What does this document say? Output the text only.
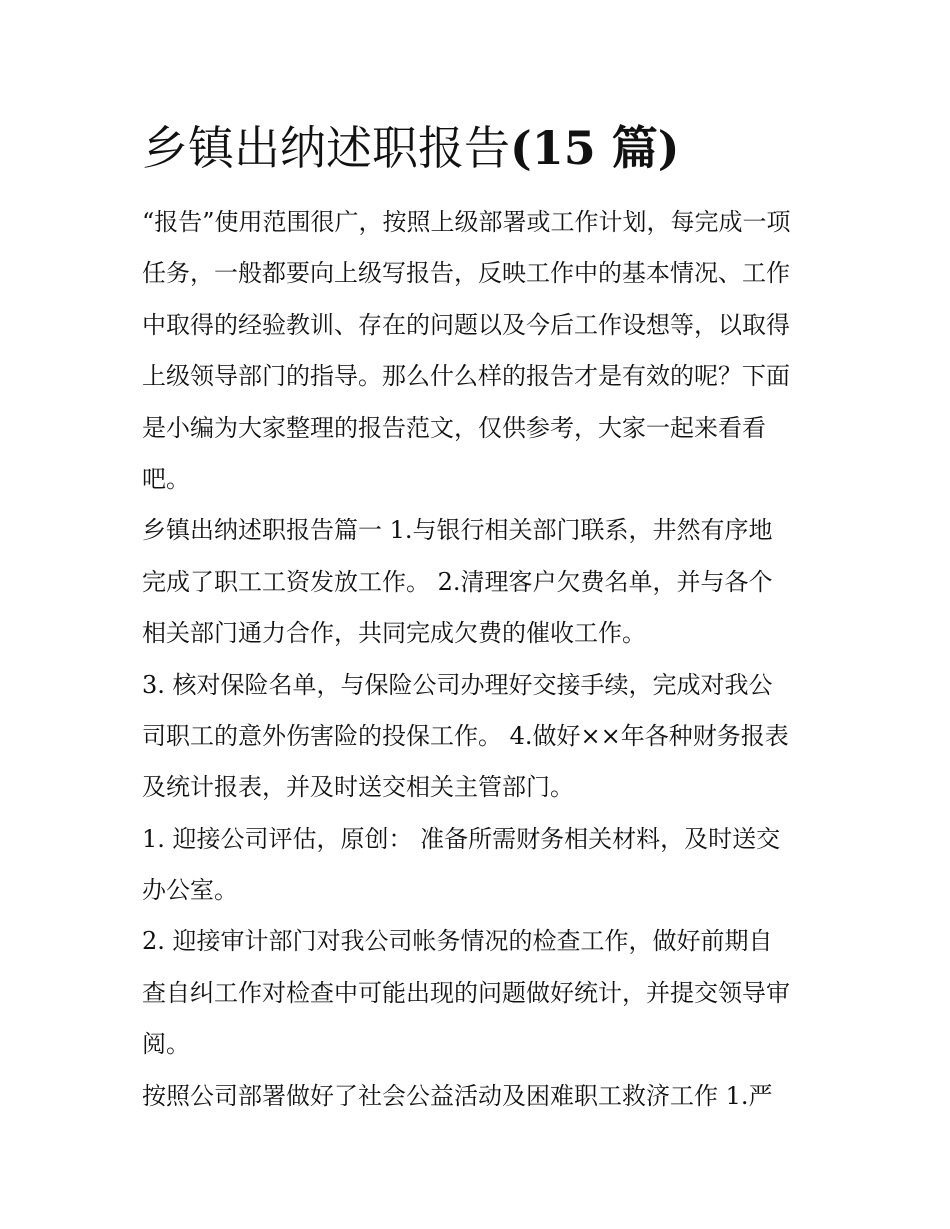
乡镇出纳述职报告(15 篇)
“报告”使用范围很广，按照上级部署或工作计划，每完成一项
任务，一般都要向上级写报告，反映工作中的基本情况、工作
中取得的经验教训、存在的问题以及今后工作设想等，以取得
上级领导部门的指导。那么什么样的报告才是有效的呢？下面
是小编为大家整理的报告范文，仅供参考，大家一起来看看
吧。
乡镇出纳述职报告篇一 1.与银行相关部门联系，井然有序地
完成了职工工资发放工作。 2.清理客户欠费名单，并与各个
相关部门通力合作，共同完成欠费的催收工作。
3. 核对保险名单，与保险公司办理好交接手续，完成对我公
司职工的意外伤害险的投保工作。 4.做好××年各种财务报表
及统计报表，并及时送交相关主管部门。
1. 迎接公司评估，原创： 准备所需财务相关材料，及时送交
办公室。
2. 迎接审计部门对我公司帐务情况的检查工作，做好前期自
查自纠工作对检查中可能出现的问题做好统计，并提交领导审
阅。
按照公司部署做好了社会公益活动及困难职工救济工作 1.严
